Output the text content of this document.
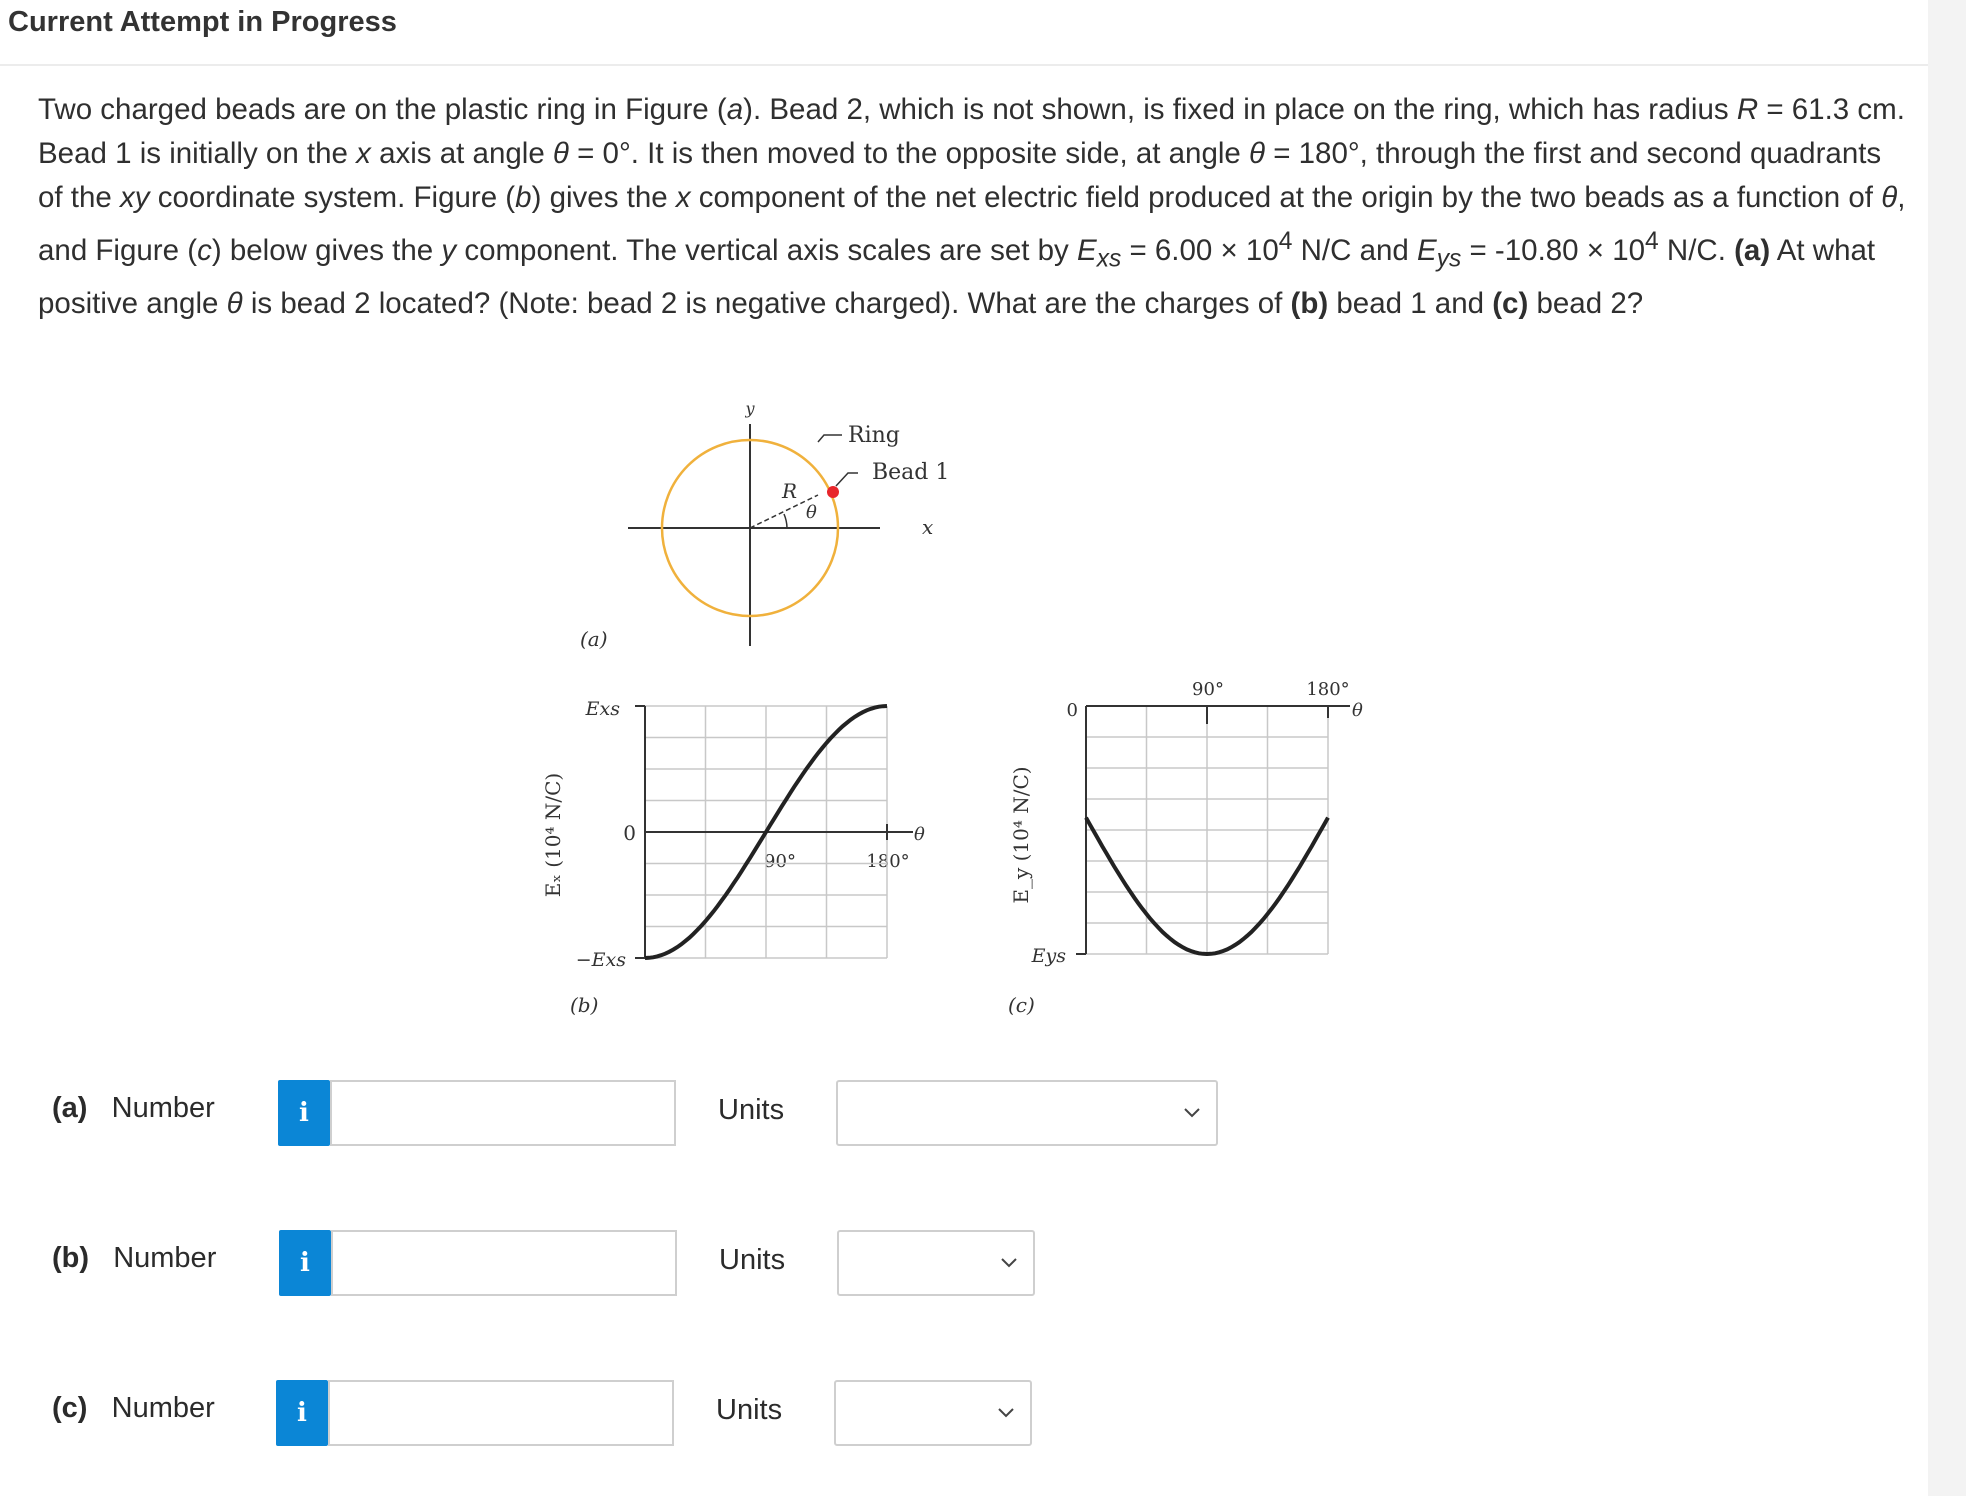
Current Attempt in Progress
Two charged beads are on the plastic ring in Figure (a). Bead 2, which is not shown, is fixed in place on the ring, which has radius R = 61.3 cm. Bead 1 is initially on the x axis at angle θ = 0°. It is then moved to the opposite side, at angle θ = 180°, through the first and second quadrants of the xy coordinate system. Figure (b) gives the x component of the net electric field produced at the origin by the two beads as a function of θ, and Figure (c) below gives the y component. The vertical axis scales are set by $E_{xs} = 6.00 \times 10^4$ N/C and $E_{ys} = -10.80 \times 10^4$ N/C. (a) At what positive angle θ is bead 2 located? (Note: bead 2 is negative charged). What are the charges of (b) bead 1 and (c) bead 2?
y
x
Ring
Bead 1
R
θ
(a)
Eₓ (10⁴ N/C)
Exs
0
−Exs
90°	180°
θ
(b)
E_y (10⁴ N/C)
0
Eys
90°	180°
θ
(c)
(a) Number	i	Units
(b) Number	i	Units
(c) Number	i	Units
